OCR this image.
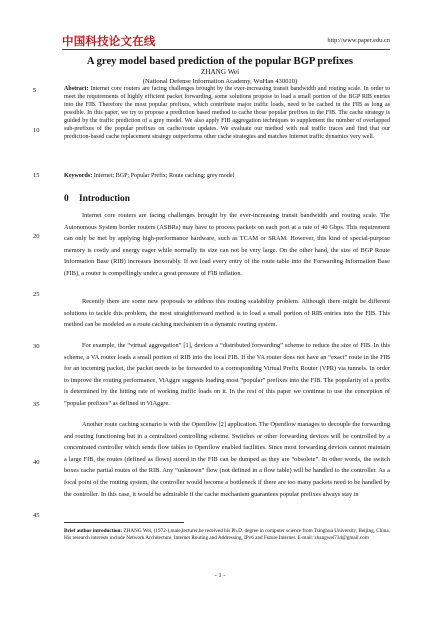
中国科技论文在线	http://www.paper.edu.cn
A grey model based prediction of the popular BGP prefixes
ZHANG Wei
(National Defense Information Academy, WuHan 430010)
5
10
15
20
25
30
35
40
45
Abstract: Internet core routers are facing challenges brought by the ever-increasing transit bandwidth and routing scale. In order to meet the requirements of highly efficient packet forwarding, some solutions propose to load a small portion of the BGP RIB entries into the FIB. Therefore the most popular prefixes, which contribute major traffic loads, need to be cached in the FIB as long as possible. In this paper, we try to propose a prediction based method to cache those popular prefixes in the FIB. The cache strategy is guided by the traffic prediction of a grey model. We also apply FIB aggregation techniques to supplement the number of overlapped sub-prefixes of the popular prefixes on cache/route updates. We evaluate our method with real traffic traces and find that our prediction-based cache replacement strategy outperforms other cache strategies and matches Internet traffic dynamics very well.
Keywords: Internet; BGP; Popular Prefix; Route caching; grey model
0 Introduction

Internet core routers are facing challenges brought by the ever-increasing transit bandwidth and routing scale. The Autonomous System border routers (ASBRs) may have to process packets on each port at a rate of 40 Gbps. This requirement can only be met by applying high-performance hardware, such as TCAM or SRAM. However, this kind of special-purpose memory is costly and energy eager while normally its size can not be very large. On the other hand, the size of BGP Route Information Base (RIB) increases inexorably. If we load every entry of the route table into the Forwarding Information Base (FIB), a router is compellingly under a great pressure of FIB inflation.

Recently there are some new proposals to address this routing scalability problem. Although there might be different solutions to tackle this problem, the most straightforward method is to load a small portion of RIB entries into the FIB. This method can be modeled as a route caching mechanism in a dynamic routing system.

For example, the “virtual aggregation” [1], devices a “distributed forwarding” scheme to reduce the size of FIB. In this scheme, a VA router loads a small portion of RIB into the local FIB. If the VA router does not have an “exact” route in the FIB for an incoming packet, the packet needs to be forwarded to a corresponding Virtual Prefix Router (VPR) via tunnels. In order to improve the routing performance, ViAggre suggests loading most “popular” prefixes into the FIB. The popularity of a prefix is determined by the hitting rate of working traffic loads on it. In the rest of this paper we continue to use the conception of “popular prefixes” as defined in ViAggre.

Another route caching scenario is with the Openflow [2] application. The Openflow manages to decouple the forwarding and routing functioning but in a centralized controlling scheme. Switches or other forwarding devices will be controlled by a concentrated controller which sends flow tables to Openflow enabled facilities. Since most forwarding devices cannot maintain a large FIB, the routes (defined as flows) stored in the FIB can be dumped as they are “obsolete”. In other words, the switch boxes cache partial routes of the RIB. Any “unknown” flow (not defined in a flow table) will be handled to the controller. As a focal point of the routing system, the controller would become a bottleneck if there are too many packets need to be handled by the controller. In this case, it would be admirable if the cache mechanism guarantees popular prefixes always stay in

Brief author introduction: ZHANG Wei, (1972-),male,lecturer,he received his Ph.D. degree in computer science from Tsinghua University, Beijing, China. His research interests include Network Architecture, Internet Routing and Addressing, IPv6 and Future Internet. E-mail: zhangwei734@gmail.com
- 1 -
